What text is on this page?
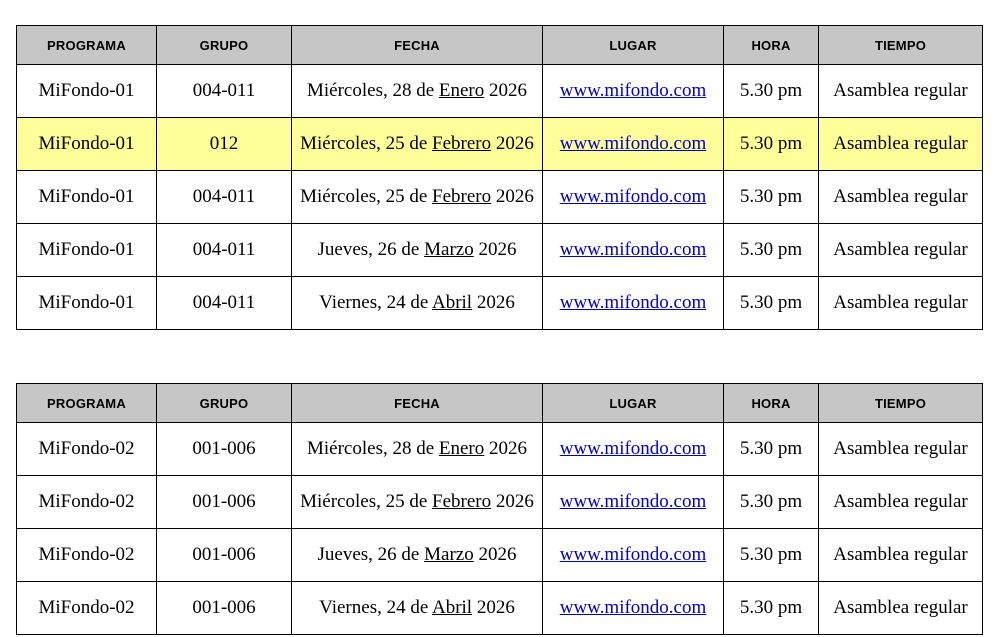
PROGRAMA	GRUPO	FECHA	LUGAR	HORA	TIEMPO
MiFondo-01	004-011	Miércoles, 28 de Enero 2026	www.mifondo.com	5.30 pm	Asamblea regular
MiFondo-01	012	Miércoles, 25 de Febrero 2026	www.mifondo.com	5.30 pm	Asamblea regular
MiFondo-01	004-011	Miércoles, 25 de Febrero 2026	www.mifondo.com	5.30 pm	Asamblea regular
MiFondo-01	004-011	Jueves, 26 de Marzo 2026	www.mifondo.com	5.30 pm	Asamblea regular
MiFondo-01	004-011	Viernes, 24 de Abril 2026	www.mifondo.com	5.30 pm	Asamblea regular
PROGRAMA	GRUPO	FECHA	LUGAR	HORA	TIEMPO
MiFondo-02	001-006	Miércoles, 28 de Enero 2026	www.mifondo.com	5.30 pm	Asamblea regular
MiFondo-02	001-006	Miércoles, 25 de Febrero 2026	www.mifondo.com	5.30 pm	Asamblea regular
MiFondo-02	001-006	Jueves, 26 de Marzo 2026	www.mifondo.com	5.30 pm	Asamblea regular
MiFondo-02	001-006	Viernes, 24 de Abril 2026	www.mifondo.com	5.30 pm	Asamblea regular
